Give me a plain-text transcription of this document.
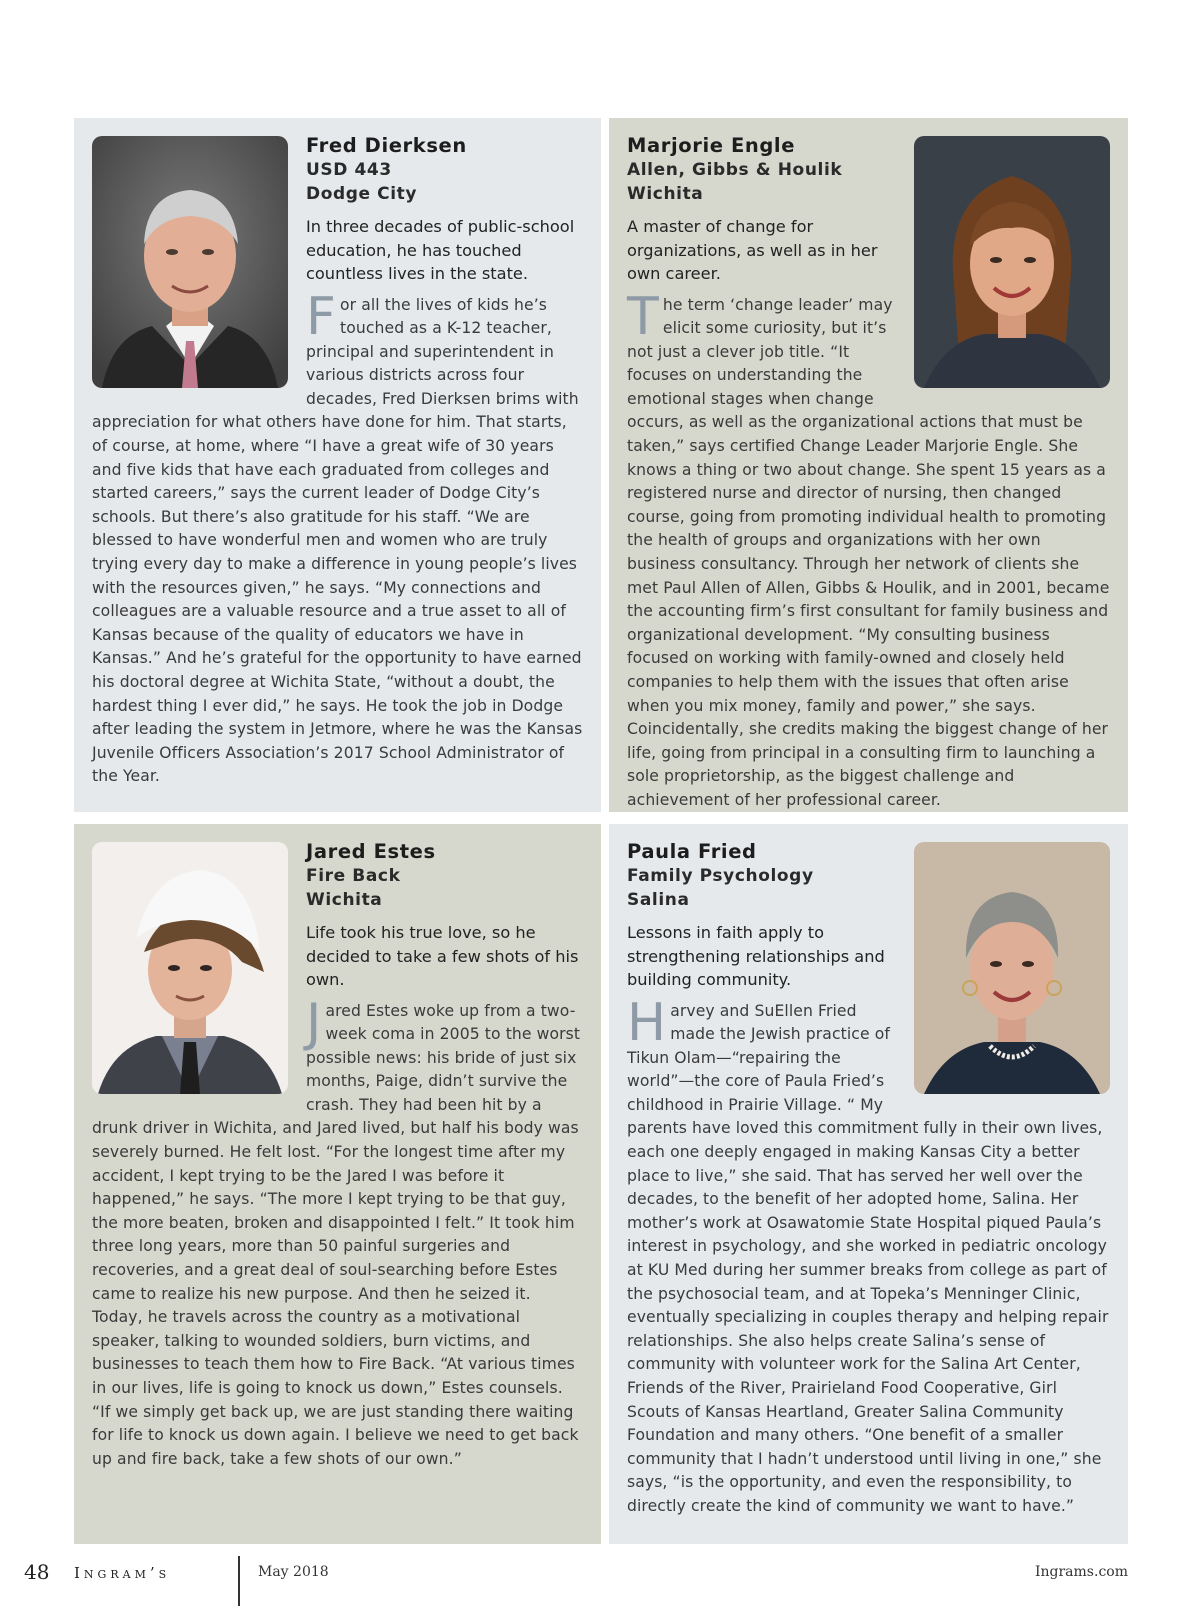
Fred Dierksen

USD 443

Dodge City

In three decades of public-school education, he has touched countless lives in the state.

For all the lives of kids he’s touched as a K-12 teacher, principal and superintendent in various districts across four decades, Fred Dierksen brims with appreciation for what others have done for him. That starts, of course, at home, where “I have a great wife of 30 years and five kids that have each graduated from colleges and started careers,” says the current leader of Dodge City’s schools. But there’s also gratitude for his staff. “We are blessed to have wonderful men and women who are truly trying every day to make a difference in young people’s lives with the resources given,” he says. “My connections and colleagues are a valuable resource and a true asset to all of Kansas because of the quality of educators we have in Kansas.” And he’s grateful for the opportunity to have earned his doctoral degree at Wichita State, “without a doubt, the hardest thing I ever did,” he says. He took the job in Dodge after leading the system in Jetmore, where he was the Kansas Juvenile Officers Association’s 2017 School Administrator of the Year.

Marjorie Engle

Allen, Gibbs & Houlik

Wichita

A master of change for organizations, as well as in her own career.

The term ‘change leader’ may elicit some curiosity, but it’s not just a clever job title. “It focuses on understanding the emotional stages when change occurs, as well as the organizational actions that must be taken,” says certified Change Leader Marjorie Engle. She knows a thing or two about change. She spent 15 years as a registered nurse and director of nursing, then changed course, going from promoting individual health to promoting the health of groups and organizations with her own business consultancy. Through her network of clients she met Paul Allen of Allen, Gibbs & Houlik, and in 2001, became the accounting firm’s first consultant for family business and organizational development. “My consulting business focused on working with family-owned and closely held companies to help them with the issues that often arise when you mix money, family and power,” she says. Coincidentally, she credits making the biggest change of her life, going from principal in a consulting firm to launching a sole proprietorship, as the biggest challenge and achievement of her professional career.

Jared Estes

Fire Back

Wichita

Life took his true love, so he decided to take a few shots of his own.

Jared Estes woke up from a two-week coma in 2005 to the worst possible news: his bride of just six months, Paige, didn’t survive the crash. They had been hit by a drunk driver in Wichita, and Jared lived, but half his body was severely burned. He felt lost. “For the longest time after my accident, I kept trying to be the Jared I was before it happened,” he says. “The more I kept trying to be that guy, the more beaten, broken and disappointed I felt.” It took him three long years, more than 50 painful surgeries and recoveries, and a great deal of soul-searching before Estes came to realize his new purpose. And then he seized it. Today, he travels across the country as a motivational speaker, talking to wounded soldiers, burn victims, and businesses to teach them how to Fire Back. “At various times in our lives, life is going to knock us down,” Estes counsels. “If we simply get back up, we are just standing there waiting for life to knock us down again. I believe we need to get back up and fire back, take a few shots of our own.”

Paula Fried

Family Psychology

Salina

Lessons in faith apply to strengthening relationships and building community.

Harvey and SuEllen Fried made the Jewish practice of Tikun Olam—“repairing the world”—the core of Paula Fried’s childhood in Prairie Village. “ My parents have loved this commitment fully in their own lives, each one deeply engaged in making Kansas City a better place to live,” she said. That has served her well over the decades, to the benefit of her adopted home, Salina. Her mother’s work at Osawatomie State Hospital piqued Paula’s interest in psychology, and she worked in pediatric oncology at KU Med during her summer breaks from college as part of the psychosocial team, and at Topeka’s Menninger Clinic, eventually specializing in couples therapy and helping repair relationships. She also helps create Salina’s sense of community with volunteer work for the Salina Art Center, Friends of the River, Prairieland Food Cooperative, Girl Scouts of Kansas Heartland, Greater Salina Community Foundation and many others. “One benefit of a smaller community that I hadn’t understood until living in one,” she says, “is the opportunity, and even the responsibility, to directly create the kind of community we want to have.”

48 Ingram’s	May 2018	Ingrams.com
